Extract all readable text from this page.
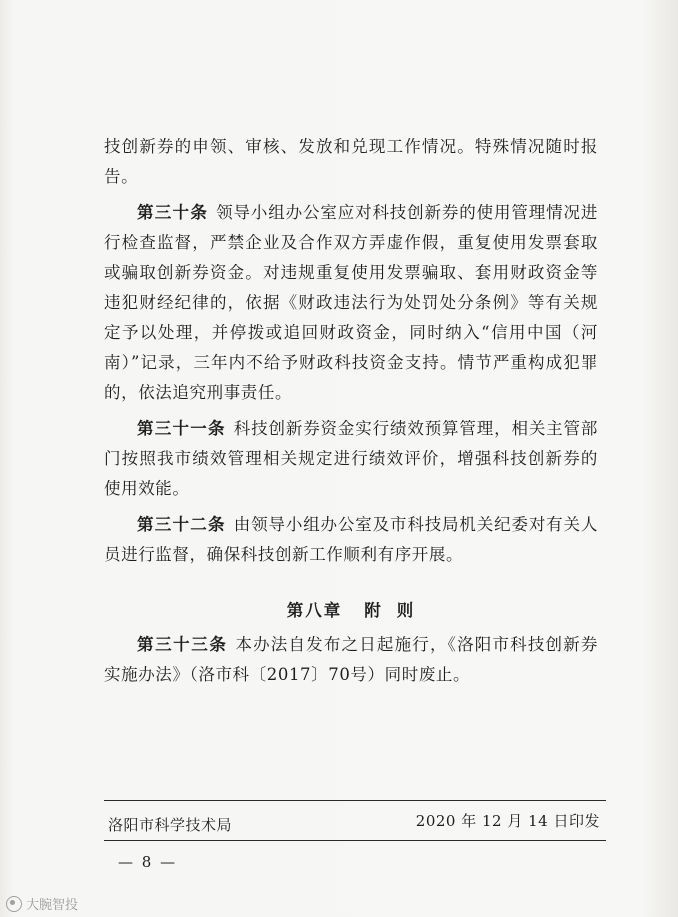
技创新券的申领、审核、发放和兑现工作情况。特殊情况随时报告。

第三十条 领导小组办公室应对科技创新券的使用管理情况进行检查监督，严禁企业及合作双方弄虚作假，重复使用发票套取或骗取创新券资金。对违规重复使用发票骗取、套用财政资金等违犯财经纪律的，依据《财政违法行为处罚处分条例》等有关规定予以处理，并停拨或追回财政资金，同时纳入“信用中国（河南）”记录，三年内不给予财政科技资金支持。情节严重构成犯罪的，依法追究刑事责任。

第三十一条 科技创新券资金实行绩效预算管理，相关主管部门按照我市绩效管理相关规定进行绩效评价，增强科技创新券的使用效能。

第三十二条 由领导小组办公室及市科技局机关纪委对有关人员进行监督，确保科技创新工作顺利有序开展。

第八章 附 则

第三十三条 本办法自发布之日起施行，《洛阳市科技创新券实施办法》（洛市科〔2017〕70号）同时废止。

洛阳市科学技术局	2020 年 12 月 14 日印发
— 8 —
大腕智投
